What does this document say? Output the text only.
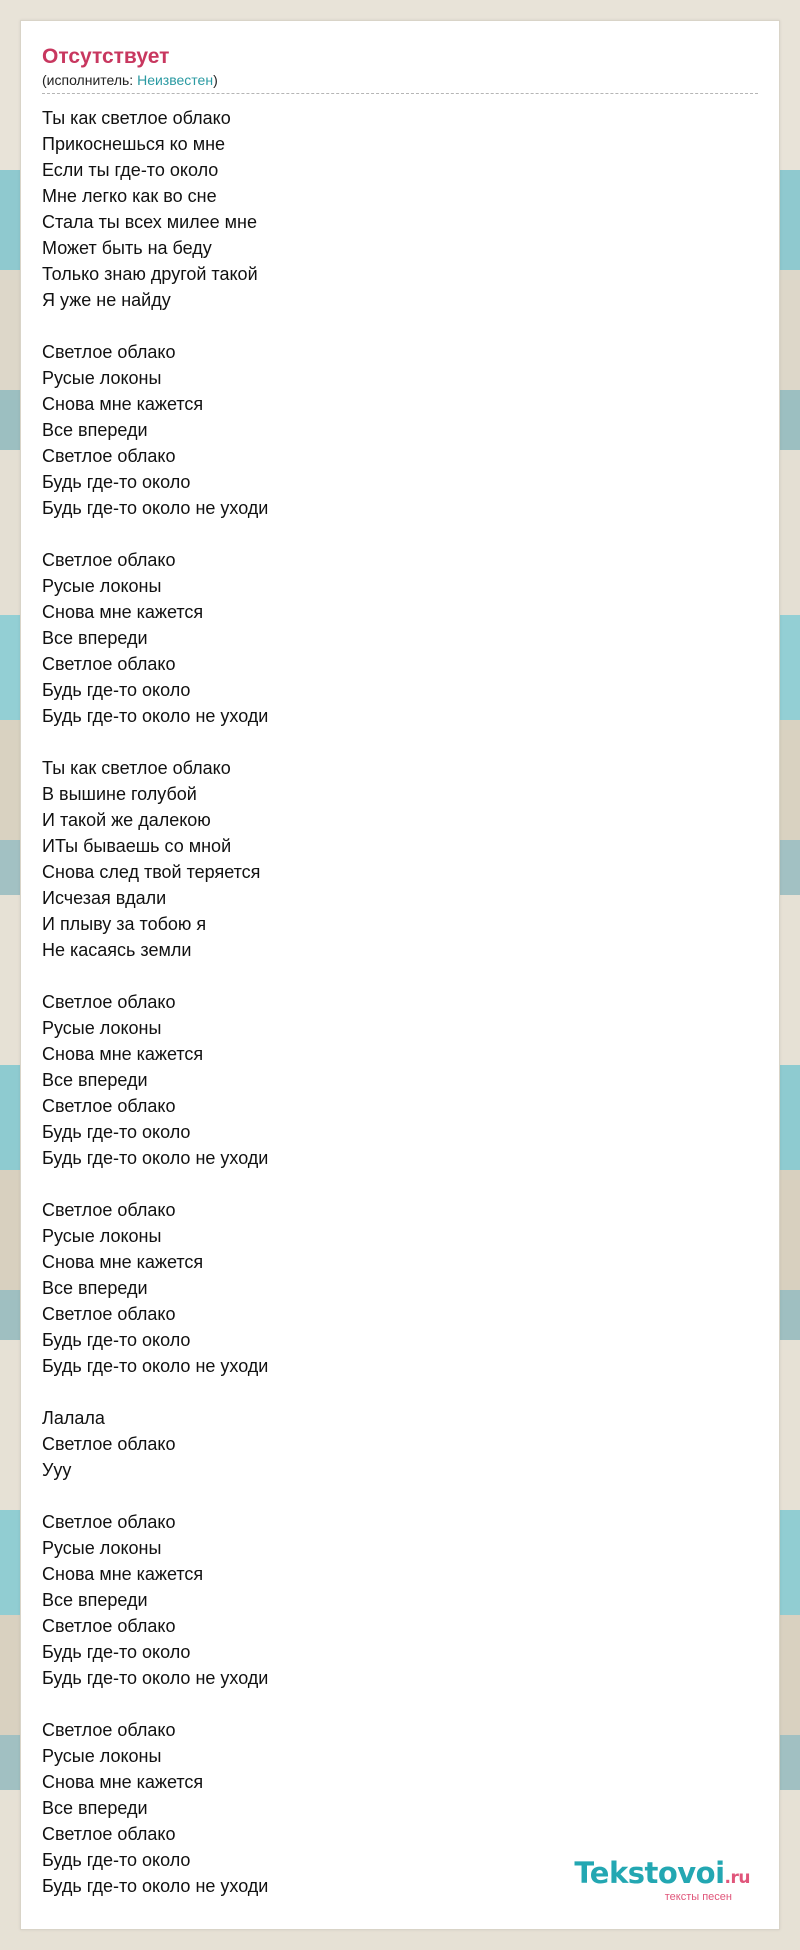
Отсутствует
(исполнитель: Неизвестен)
Ты как светлое облако
Прикоснешься ко мне
Если ты где-то около
Мне легко как во сне
Стала ты всех милее мне
Может быть на беду
Только знаю другой такой
Я уже не найду
Светлое облако
Русые локоны
Снова мне кажется
Все впереди
Светлое облако
Будь где-то около
Будь где-то около не уходи
Светлое облако
Русые локоны
Снова мне кажется
Все впереди
Светлое облако
Будь где-то около
Будь где-то около не уходи
Ты как светлое облако
В вышине голубой
И такой же далекою
ИТы бываешь со мной
Снова след твой теряется
Исчезая вдали
И плыву за тобою я
Не касаясь земли
Светлое облако
Русые локоны
Снова мне кажется
Все впереди
Светлое облако
Будь где-то около
Будь где-то около не уходи
Светлое облако
Русые локоны
Снова мне кажется
Все впереди
Светлое облако
Будь где-то около
Будь где-то около не уходи
Лалала
Светлое облако
Ууу
Светлое облако
Русые локоны
Снова мне кажется
Все впереди
Светлое облако
Будь где-то около
Будь где-то около не уходи
Светлое облако
Русые локоны
Снова мне кажется
Все впереди
Светлое облако
Будь где-то около
Будь где-то около не уходи	Tekstovoi.ru
тексты песен
